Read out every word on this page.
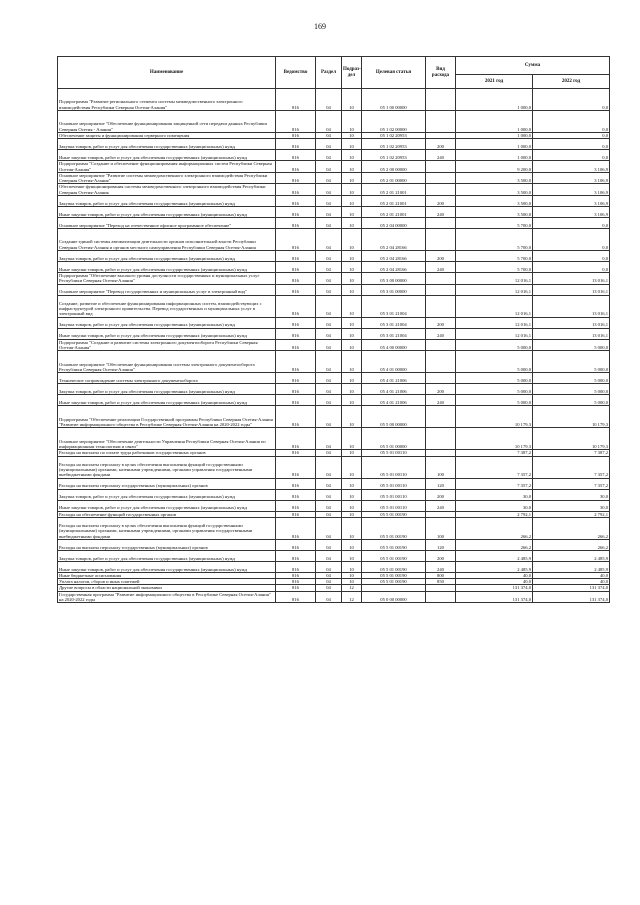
169
Наименование	Ведомство	Раздел	Подраз-дел	Целевая статья	Вид расхода	Сумма	
						2021 год	2022 год
Подпрограмма "Развитие регионального сегмента системы межведомственного электронного взаимодействия Республики Северная Осетия-Алания"	816	04	10	05 1 00 00000		1 000,0	0,0
Основное мероприятие "Обеспечение функционирования защищенной сети передачи данных Республики Северная Осетия - Алания"	816	04	10	05 1 02 00000		1 000,0	0,0
Обеспечение защиты и функционирования серверного помещения	816	04	10	05 1 02 20953		1 000,0	0,0
Закупка товаров, работ и услуг для обеспечения государственных (муниципальных) нужд	816	04	10	05 1 02 20953	200	1 000,0	0,0
Иные закупки товаров, работ и услуг для обеспечения государственных (муниципальных) нужд	816	04	10	05 1 02 20953	240	1 000,0	0,0
Подпрограмма "Создание и обеспечение функционирования информационных систем Республики Северная Осетия-Алания"	816	04	10	05 2 00 00000		9 200,0	3 106,9
Основное мероприятие "Развитие системы межведомственного электронного взаимодействия Республики Северная Осетия-Алания"	816	04	10	05 2 01 00000		3 500,0	3 106,9
Обеспечение функционирования системы межведомственного электронного взаимодействия Республики Северная Осетия-Алания	816	04	10	05 2 01 21001		3 500,0	3 106,9
Закупка товаров, работ и услуг для обеспечения государственных (муниципальных) нужд	816	04	10	05 2 01 21001	200	3 500,0	3 106,9
Иные закупки товаров, работ и услуг для обеспечения государственных (муниципальных) нужд	816	04	10	05 2 01 21001	240	3 500,0	3 106,9
Основное мероприятие "Переход на отечественное офисное программное обеспечение"	816	04	10	05 2 04 00000		5 700,0	0,0
Создание единой системы автоматизации деятельности органов исполнительной власти Республики Северная Осетия-Алания и органов местного самоуправления Республики Северная Осетия-Алания	816	04	10	05 2 04 28166		5 700,0	0,0
Закупка товаров, работ и услуг для обеспечения государственных (муниципальных) нужд	816	04	10	05 2 04 28166	200	5 700,0	0,0
Иные закупки товаров, работ и услуг для обеспечения государственных (муниципальных) нужд	816	04	10	05 2 04 28166	240	5 700,0	0,0
Подпрограмма "Обеспечение высокого уровня доступности государственных и муниципальных услуг Республики Северная Осетия-Алания"	816	04	10	05 3 00 00000		12 016,1	13 016,1
Основное мероприятие "Перевод государственных и муниципальных услуг в электронный вид"	816	04	10	05 3 01 00000		12 016,1	13 016,1
Создание, развитие и обеспечение функционирования информационных систем, взаимодействующих с инфраструктурой электронного правительства. Перевод государственных и муниципальных услуг в электронный вид	816	04	10	05 3 01 21004		12 016,1	13 016,1
Закупка товаров, работ и услуг для обеспечения государственных (муниципальных) нужд	816	04	10	05 3 01 21004	200	12 016,1	13 016,1
Иные закупки товаров, работ и услуг для обеспечения государственных (муниципальных) нужд	816	04	10	05 3 01 21004	240	12 016,1	13 016,1
Подпрограмма "Создание и развитие системы электронного документооборота Республики Северная Осетия-Алания"	816	04	10	05 4 00 00000		5 000,0	5 000,0
Основное мероприятие "Обеспечение функционирования системы электронного документооборота Республики Северная Осетия-Алания"	816	04	10	05 4 01 00000		5 000,0	5 000,0
Техническое сопровождение системы электронного документооборота	816	04	10	05 4 01 21006		5 000,0	5 000,0
Закупка товаров, работ и услуг для обеспечения государственных (муниципальных) нужд	816	04	10	05 4 01 21006	200	5 000,0	5 000,0
Иные закупки товаров, работ и услуг для обеспечения государственных (муниципальных) нужд	816	04	10	05 4 01 21006	240	5 000,0	5 000,0
Подпрограмма "Обеспечение реализации Государственной программы Республики Северная Осетия-Алания "Развитие информационного общества в Республике Северная Осетия-Алания на 2020-2022 годы"	816	04	10	05 5 00 00000		10 179,3	10 179,3
Основное мероприятие "Обеспечение деятельности Управления Республики Северная Осетия-Алания по информационным технологиям и связи"	816	04	10	05 5 01 00000		10 179,3	10 179,3
Расходы на выплаты по оплате труда работников государственных органов	816	04	10	05 5 01 00110		7 387,2	7 387,2
Расходы на выплаты персоналу в целях обеспечения выполнения функций государственными (муниципальными) органами, казенными учреждениями, органами управления государственными внебюджетными фондами	816	04	10	05 5 01 00110	100	7 357,2	7 357,2
Расходы на выплаты персоналу государственных (муниципальных) органов	816	04	10	05 5 01 00110	120	7 357,2	7 357,2
Закупка товаров, работ и услуг для обеспечения государственных (муниципальных) нужд	816	04	10	05 5 01 00110	200	30,0	30,0
Иные закупки товаров, работ и услуг для обеспечения государственных (муниципальных) нужд	816	04	10	05 5 01 00110	240	30,0	30,0
Расходы на обеспечение функций государственных органов	816	04	10	05 5 01 00190		2 792,1	2 792,1
Расходы на выплаты персоналу в целях обеспечения выполнения функций государственными (муниципальными) органами, казенными учреждениями, органами управления государственными внебюджетными фондами	816	04	10	05 5 01 00190	100	266,2	266,2
Расходы на выплаты персоналу государственных (муниципальных) органов	816	04	10	05 5 01 00190	120	266,2	266,2
Закупка товаров, работ и услуг для обеспечения государственных (муниципальных) нужд	816	04	10	05 5 01 00190	200	2 485,9	2 485,9
Иные закупки товаров, работ и услуг для обеспечения государственных (муниципальных) нужд	816	04	10	05 5 01 00190	240	2 485,9	2 485,9
Иные бюджетные ассигнования	816	04	10	05 5 01 00190	800	40,0	40,0
Уплата налогов, сборов и иных платежей	816	04	10	05 5 01 00190	850	40,0	40,0
Другие вопросы в области национальной экономики	816	04	12			131 374,0	131 374,0
Государственная программа "Развитие информационного общества в Республике Северная Осетия-Алания" на 2020-2022 годы	816	04	12	05 0 00 00000		131 374,0	131 374,0
